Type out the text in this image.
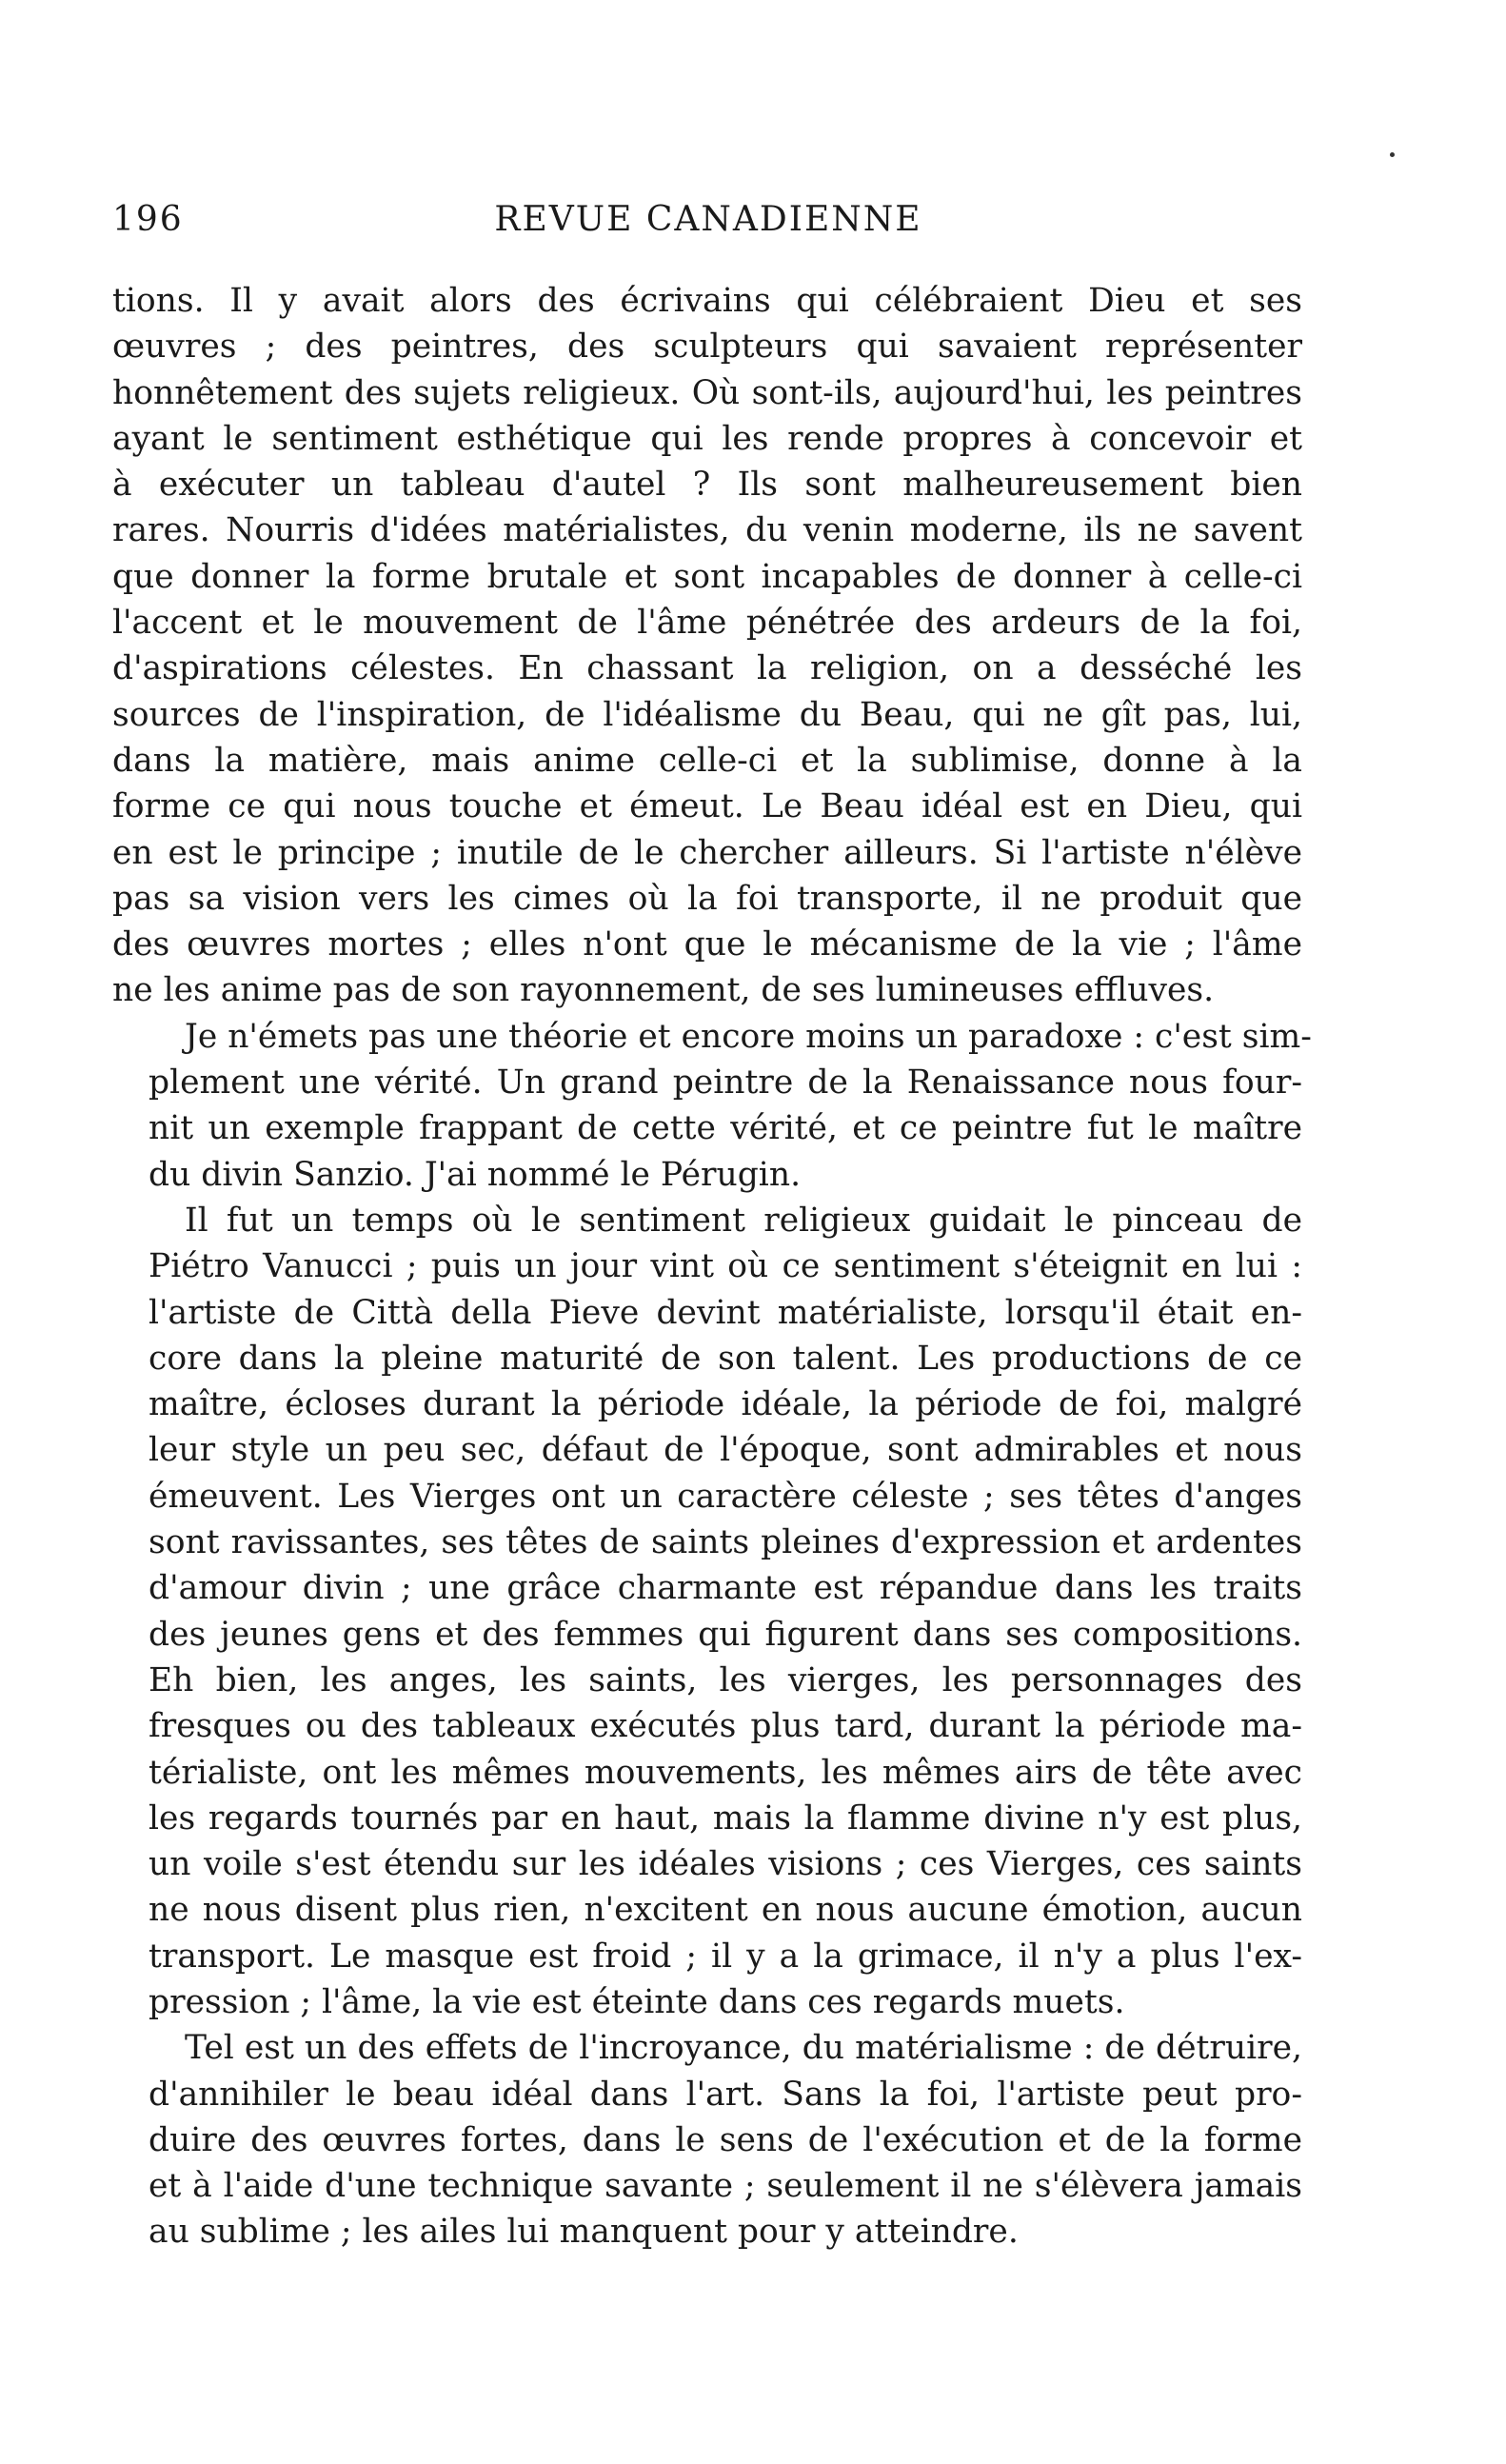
196	REVUE CANADIENNE
tions. Il y avait alors des écrivains qui célébraient Dieu et ses
œuvres ; des peintres, des sculpteurs qui savaient représenter
honnêtement des sujets religieux. Où sont-ils, aujourd'hui, les peintres
ayant le sentiment esthétique qui les rende propres à concevoir et
à exécuter un tableau d'autel ? Ils sont malheureusement bien
rares. Nourris d'idées matérialistes, du venin moderne, ils ne savent
que donner la forme brutale et sont incapables de donner à celle-ci
l'accent et le mouvement de l'âme pénétrée des ardeurs de la foi,
d'aspirations célestes. En chassant la religion, on a desséché les
sources de l'inspiration, de l'idéalisme du Beau, qui ne gît pas, lui,
dans la matière, mais anime celle-ci et la sublimise, donne à la
forme ce qui nous touche et émeut. Le Beau idéal est en Dieu, qui
en est le principe ; inutile de le chercher ailleurs. Si l'artiste n'élève
pas sa vision vers les cimes où la foi transporte, il ne produit que
des œuvres mortes ; elles n'ont que le mécanisme de la vie ; l'âme
ne les anime pas de son rayonnement, de ses lumineuses effluves.
Je n'émets pas une théorie et encore moins un paradoxe : c'est sim-
plement une vérité. Un grand peintre de la Renaissance nous four-
nit un exemple frappant de cette vérité, et ce peintre fut le maître
du divin Sanzio. J'ai nommé le Pérugin.
Il fut un temps où le sentiment religieux guidait le pinceau de
Piétro Vanucci ; puis un jour vint où ce sentiment s'éteignit en lui :
l'artiste de Città della Pieve devint matérialiste, lorsqu'il était en-
core dans la pleine maturité de son talent. Les productions de ce
maître, écloses durant la période idéale, la période de foi, malgré
leur style un peu sec, défaut de l'époque, sont admirables et nous
émeuvent. Les Vierges ont un caractère céleste ; ses têtes d'anges
sont ravissantes, ses têtes de saints pleines d'expression et ardentes
d'amour divin ; une grâce charmante est répandue dans les traits
des jeunes gens et des femmes qui figurent dans ses compositions.
Eh bien, les anges, les saints, les vierges, les personnages des
fresques ou des tableaux exécutés plus tard, durant la période ma-
térialiste, ont les mêmes mouvements, les mêmes airs de tête avec
les regards tournés par en haut, mais la flamme divine n'y est plus,
un voile s'est étendu sur les idéales visions ; ces Vierges, ces saints
ne nous disent plus rien, n'excitent en nous aucune émotion, aucun
transport. Le masque est froid ; il y a la grimace, il n'y a plus l'ex-
pression ; l'âme, la vie est éteinte dans ces regards muets.
Tel est un des effets de l'incroyance, du matérialisme : de détruire,
d'annihiler le beau idéal dans l'art. Sans la foi, l'artiste peut pro-
duire des œuvres fortes, dans le sens de l'exécution et de la forme
et à l'aide d'une technique savante ; seulement il ne s'élèvera jamais
au sublime ; les ailes lui manquent pour y atteindre.
